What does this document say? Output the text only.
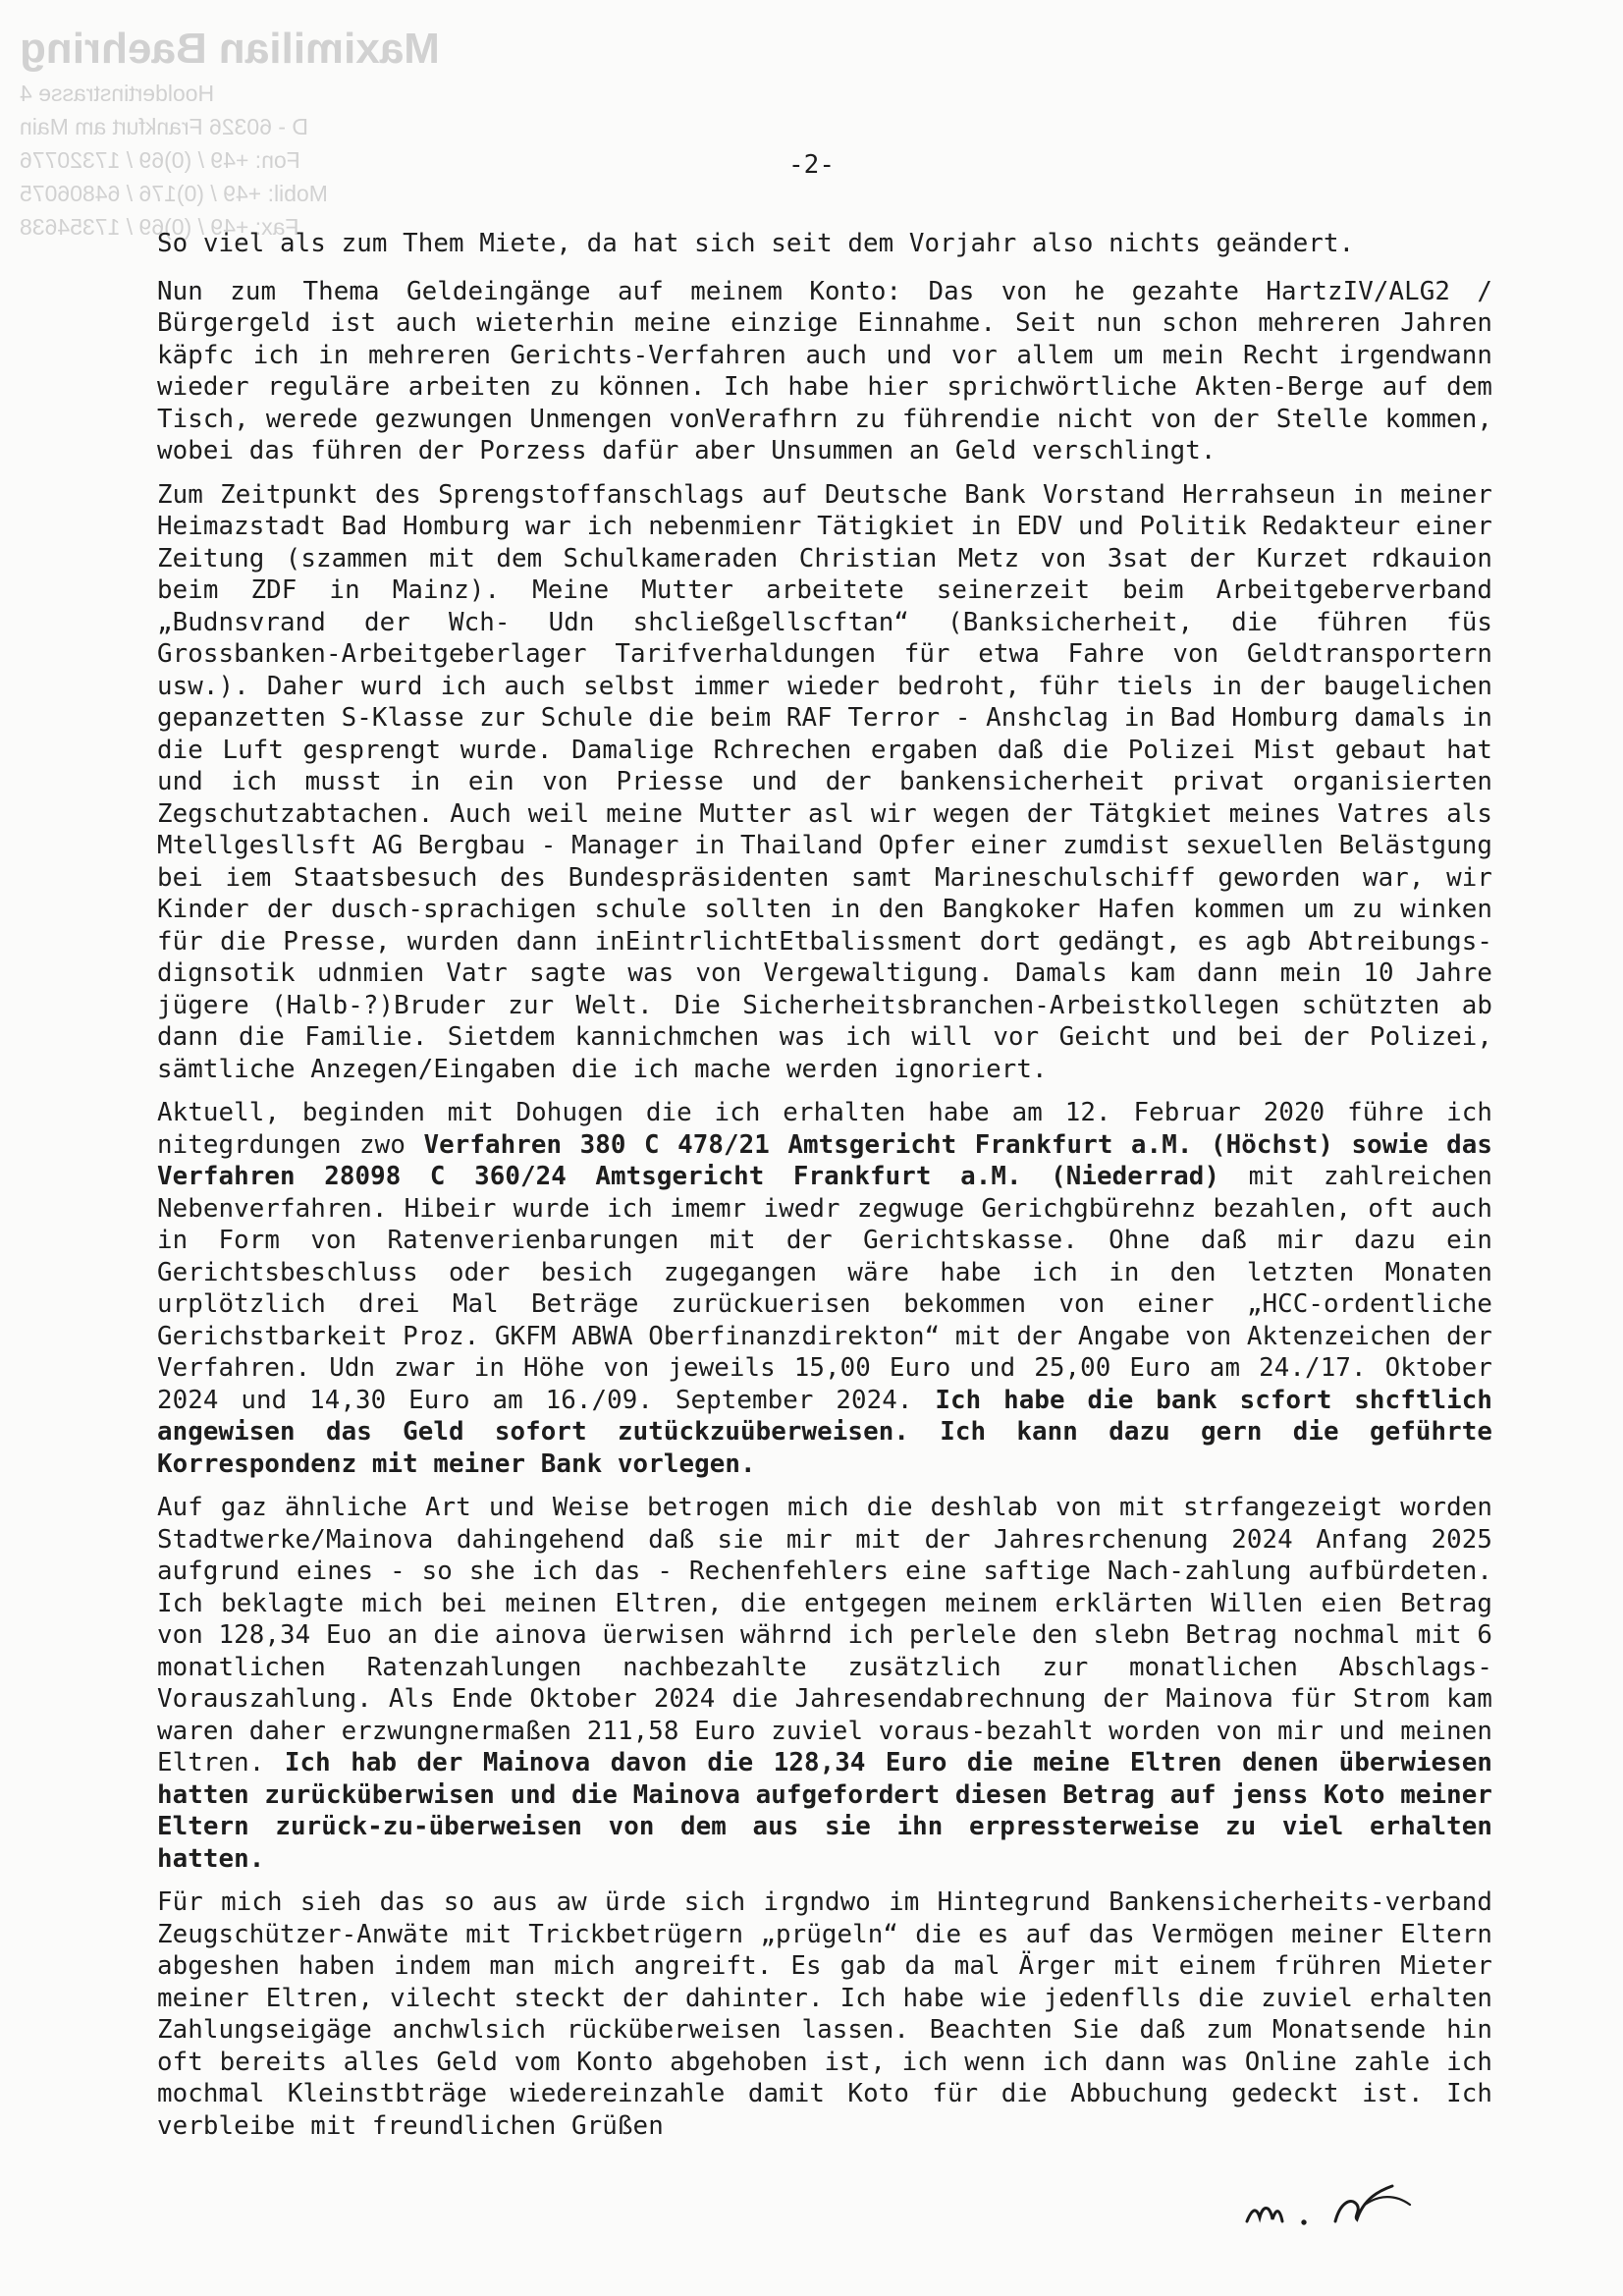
Maximilian Baehring
Hooldertinstrasse 4
D - 60326 Frankfurt am Main
Fon: +49 / (0)69 / 17320776
Mobil: +49 / (0)176 / 64806075
Fax: +49 / (0)69 / 17354638
-2-

So viel als zum Them Miete, da hat sich seit dem Vorjahr also nichts geändert.

Nun zum Thema Geldeingänge auf meinem Konto: Das von he gezahte HartzIV/ALG2 / Bürgergeld ist auch wieterhin meine einzige Einnahme. Seit nun schon mehreren Jahren käpfc ich in mehreren Gerichts-Verfahren auch und vor allem um mein Recht irgendwann wieder reguläre arbeiten zu können. Ich habe hier sprichwörtliche Akten-Berge auf dem Tisch, werede gezwungen Unmengen vonVerafhrn zu führendie nicht von der Stelle kommen, wobei das führen der Porzess dafür aber Unsummen an Geld verschlingt.

Zum Zeitpunkt des Sprengstoffanschlags auf Deutsche Bank Vorstand Herrahseun in meiner Heimazstadt Bad Homburg war ich nebenmienr Tätigkiet in EDV und Politik Redakteur einer Zeitung (szammen mit dem Schulkameraden Christian Metz von 3sat der Kurzet rdkauion beim ZDF in Mainz). Meine Mutter arbeitete seinerzeit beim Arbeitgeberverband „Budnsvrand der Wch- Udn shcließgellscftan“ (Banksicherheit, die führen füs Grossbanken-Arbeitgeberlager Tarifverhaldungen für etwa Fahre von Geldtransportern usw.). Daher wurd ich auch selbst immer wieder bedroht, führ tiels in der baugelichen gepanzetten S-Klasse zur Schule die beim RAF Terror - Anshclag in Bad Homburg damals in die Luft gesprengt wurde. Damalige Rchrechen ergaben daß die Polizei Mist gebaut hat und ich musst in ein von Priesse und der bankensicherheit privat organisierten Zegschutzabtachen. Auch weil meine Mutter asl wir wegen der Tätgkiet meines Vatres als Mtellgesllsft AG Bergbau - Manager in Thailand Opfer einer zumdist sexuellen Belästgung bei iem Staatsbesuch des Bundespräsidenten samt Marineschulschiff geworden war, wir Kinder der dusch-sprachigen schule sollten in den Bangkoker Hafen kommen um zu winken für die Presse, wurden dann inEintrlichtEtbalissment dort gedängt, es agb Abtreibungs-dignsotik udnmien Vatr sagte was von Vergewaltigung. Damals kam dann mein 10 Jahre jügere (Halb-?)Bruder zur Welt. Die Sicherheitsbranchen-Arbeistkollegen schützten ab dann die Familie. Sietdem kannichmchen was ich will vor Geicht und bei der Polizei, sämtliche Anzegen/Eingaben die ich mache werden ignoriert.

Aktuell, beginden mit Dohugen die ich erhalten habe am 12. Februar 2020 führe ich nitegrdungen zwo Verfahren 380 C 478/21 Amtsgericht Frankfurt a.M. (Höchst) sowie das Verfahren 28098 C 360/24 Amtsgericht Frankfurt a.M. (Niederrad) mit zahlreichen Nebenverfahren. Hibeir wurde ich imemr iwedr zegwuge Gerichgbürehnz bezahlen, oft auch in Form von Ratenverienbarungen mit der Gerichtskasse. Ohne daß mir dazu ein Gerichtsbeschluss oder besich zugegangen wäre habe ich in den letzten Monaten urplötzlich drei Mal Beträge zurückuerisen bekommen von einer „HCC-ordentliche Gerichstbarkeit Proz. GKFM ABWA Oberfinanzdirekton“ mit der Angabe von Aktenzeichen der Verfahren. Udn zwar in Höhe von jeweils 15,00 Euro und 25,00 Euro am 24./17. Oktober 2024 und 14,30 Euro am 16./09. September 2024. Ich habe die bank scfort shcftlich angewisen das Geld sofort zutückzuüberweisen. Ich kann dazu gern die geführte Korrespondenz mit meiner Bank vorlegen.

Auf gaz ähnliche Art und Weise betrogen mich die deshlab von mit strfangezeigt worden Stadtwerke/Mainova dahingehend daß sie mir mit der Jahresrchenung 2024 Anfang 2025 aufgrund eines - so she ich das - Rechenfehlers eine saftige Nach-zahlung aufbürdeten. Ich beklagte mich bei meinen Eltren, die entgegen meinem erklärten Willen eien Betrag von 128,34 Euo an die ainova üerwisen währnd ich perlele den slebn Betrag nochmal mit 6 monatlichen Ratenzahlungen nachbezahlte zusätzlich zur monatlichen Abschlags-Vorauszahlung. Als Ende Oktober 2024 die Jahresendabrechnung der Mainova für Strom kam waren daher erzwungnermaßen 211,58 Euro zuviel voraus-bezahlt worden von mir und meinen Eltren. Ich hab der Mainova davon die 128,34 Euro die meine Eltren denen überwiesen hatten zurücküberwisen und die Mainova aufgefordert diesen Betrag auf jenss Koto meiner Eltern zurück-zu-überweisen von dem aus sie ihn erpressterweise zu viel erhalten hatten.

Für mich sieh das so aus aw ürde sich irgndwo im Hintegrund Bankensicherheits-verband Zeugschützer-Anwäte mit Trickbetrügern „prügeln“ die es auf das Vermögen meiner Eltern abgeshen haben indem man mich angreift. Es gab da mal Ärger mit einem frühren Mieter meiner Eltren, vilecht steckt der dahinter. Ich habe wie jedenflls die zuviel erhalten Zahlungseigäge anchwlsich rücküberweisen lassen. Beachten Sie daß zum Monatsende hin oft bereits alles Geld vom Konto abgehoben ist, ich wenn ich dann was Online zahle ich mochmal Kleinstbträge wiedereinzahle damit Koto für die Abbuchung gedeckt ist. Ich verbleibe mit freundlichen Grüßen
